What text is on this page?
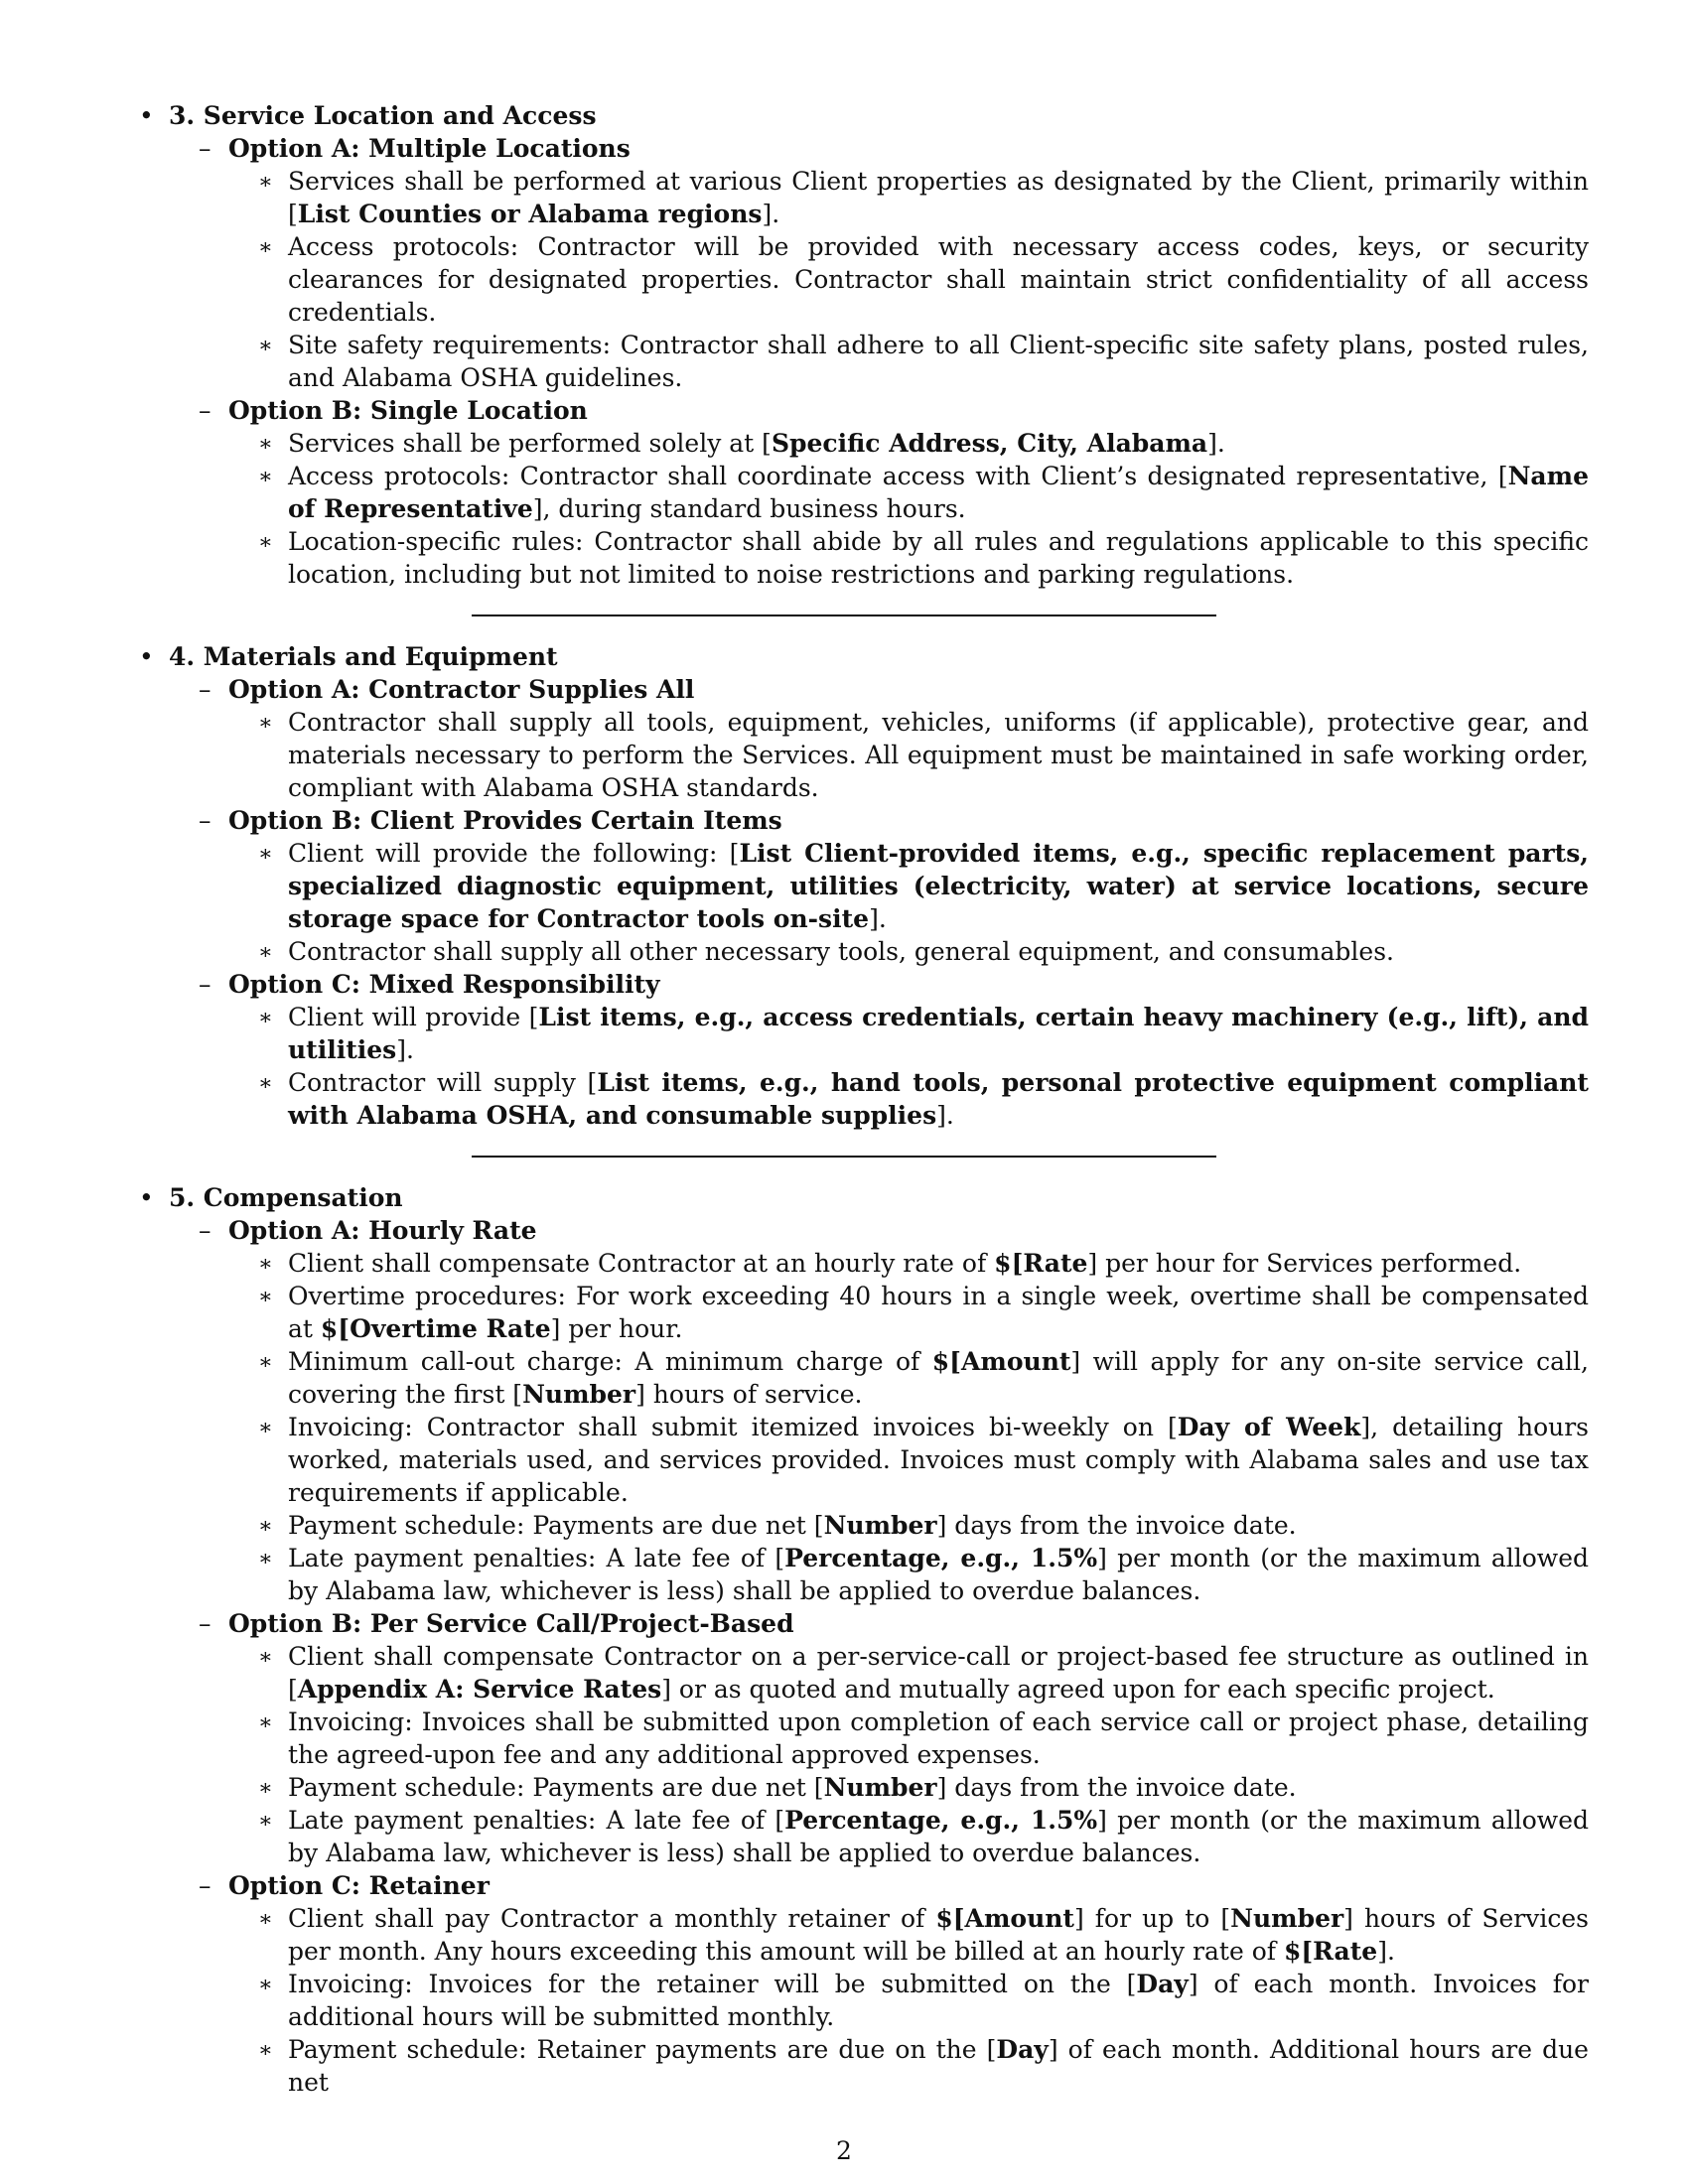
• 3. Service Location and Access
– Option A: Multiple Locations
∗ Services shall be performed at various Client properties as designated by the Client, primarily within [List Counties or Alabama regions].
∗ Access protocols: Contractor will be provided with necessary access codes, keys, or security clearances for designated properties. Contractor shall maintain strict confidentiality of all access credentials.
∗ Site safety requirements: Contractor shall adhere to all Client-specific site safety plans, posted rules, and Alabama OSHA guidelines.
– Option B: Single Location
∗ Services shall be performed solely at [Specific Address, City, Alabama].
∗ Access protocols: Contractor shall coordinate access with Client’s designated representative, [Name of Representative], during standard business hours.
∗ Location-specific rules: Contractor shall abide by all rules and regulations applicable to this specific location, including but not limited to noise restrictions and parking regulations.
• 4. Materials and Equipment
– Option A: Contractor Supplies All
∗ Contractor shall supply all tools, equipment, vehicles, uniforms (if applicable), protective gear, and materials necessary to perform the Services. All equipment must be maintained in safe working order, compliant with Alabama OSHA standards.
– Option B: Client Provides Certain Items
∗ Client will provide the following: [List Client-provided items, e.g., specific replacement parts, specialized diagnostic equipment, utilities (electricity, water) at service locations, secure storage space for Contractor tools on-site].
∗ Contractor shall supply all other necessary tools, general equipment, and consumables.
– Option C: Mixed Responsibility
∗ Client will provide [List items, e.g., access credentials, certain heavy machinery (e.g., lift), and utilities].
∗ Contractor will supply [List items, e.g., hand tools, personal protective equipment compliant with Alabama OSHA, and consumable supplies].
• 5. Compensation
– Option A: Hourly Rate
∗ Client shall compensate Contractor at an hourly rate of $[Rate] per hour for Services performed.
∗ Overtime procedures: For work exceeding 40 hours in a single week, overtime shall be compensated at $[Overtime Rate] per hour.
∗ Minimum call-out charge: A minimum charge of $[Amount] will apply for any on-site service call, covering the first [Number] hours of service.
∗ Invoicing: Contractor shall submit itemized invoices bi-weekly on [Day of Week], detailing hours worked, materials used, and services provided. Invoices must comply with Alabama sales and use tax requirements if applicable.
∗ Payment schedule: Payments are due net [Number] days from the invoice date.
∗ Late payment penalties: A late fee of [Percentage, e.g., 1.5%] per month (or the maximum allowed by Alabama law, whichever is less) shall be applied to overdue balances.
– Option B: Per Service Call/Project-Based
∗ Client shall compensate Contractor on a per-service-call or project-based fee structure as outlined in [Appendix A: Service Rates] or as quoted and mutually agreed upon for each specific project.
∗ Invoicing: Invoices shall be submitted upon completion of each service call or project phase, detailing the agreed-upon fee and any additional approved expenses.
∗ Payment schedule: Payments are due net [Number] days from the invoice date.
∗ Late payment penalties: A late fee of [Percentage, e.g., 1.5%] per month (or the maximum allowed by Alabama law, whichever is less) shall be applied to overdue balances.
– Option C: Retainer
∗ Client shall pay Contractor a monthly retainer of $[Amount] for up to [Number] hours of Services per month. Any hours exceeding this amount will be billed at an hourly rate of $[Rate].
∗ Invoicing: Invoices for the retainer will be submitted on the [Day] of each month. Invoices for additional hours will be submitted monthly.
∗ Payment schedule: Retainer payments are due on the [Day] of each month. Additional hours are due net
2
